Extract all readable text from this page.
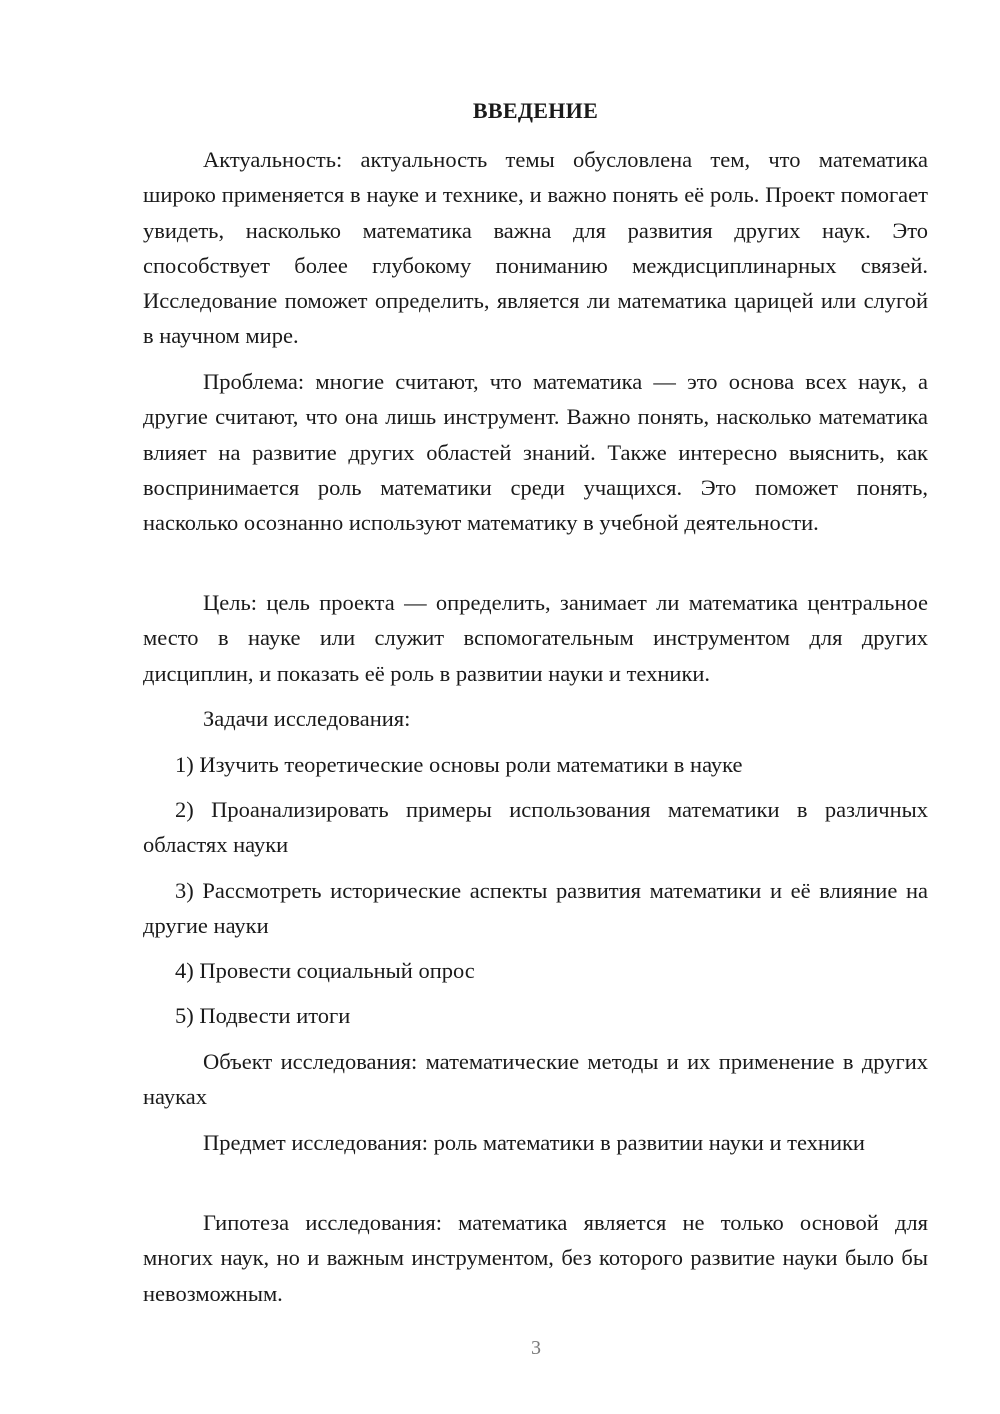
ВВЕДЕНИЕ

Актуальность: актуальность темы обусловлена тем, что математика широко применяется в науке и технике, и важно понять её роль. Проект помогает увидеть, насколько математика важна для развития других наук. Это способствует более глубокому пониманию междисциплинарных связей. Исследование поможет определить, является ли математика царицей или слугой в научном мире.

Проблема: многие считают, что математика — это основа всех наук, а другие считают, что она лишь инструмент. Важно понять, насколько математика влияет на развитие других областей знаний. Также интересно выяснить, как воспринимается роль математики среди учащихся. Это поможет понять, насколько осознанно используют математику в учебной деятельности.

Цель: цель проекта — определить, занимает ли математика центральное место в науке или служит вспомогательным инструментом для других дисциплин, и показать её роль в развитии науки и техники.

Задачи исследования:

1) Изучить теоретические основы роли математики в науке

2) Проанализировать примеры использования математики в различных областях науки

3) Рассмотреть исторические аспекты развития математики и её влияние на другие науки

4) Провести социальный опрос

5) Подвести итоги

Объект исследования: математические методы и их применение в других науках

Предмет исследования: роль математики в развитии науки и техники

Гипотеза исследования: математика является не только основой для многих наук, но и важным инструментом, без которого развитие науки было бы невозможным.

3
